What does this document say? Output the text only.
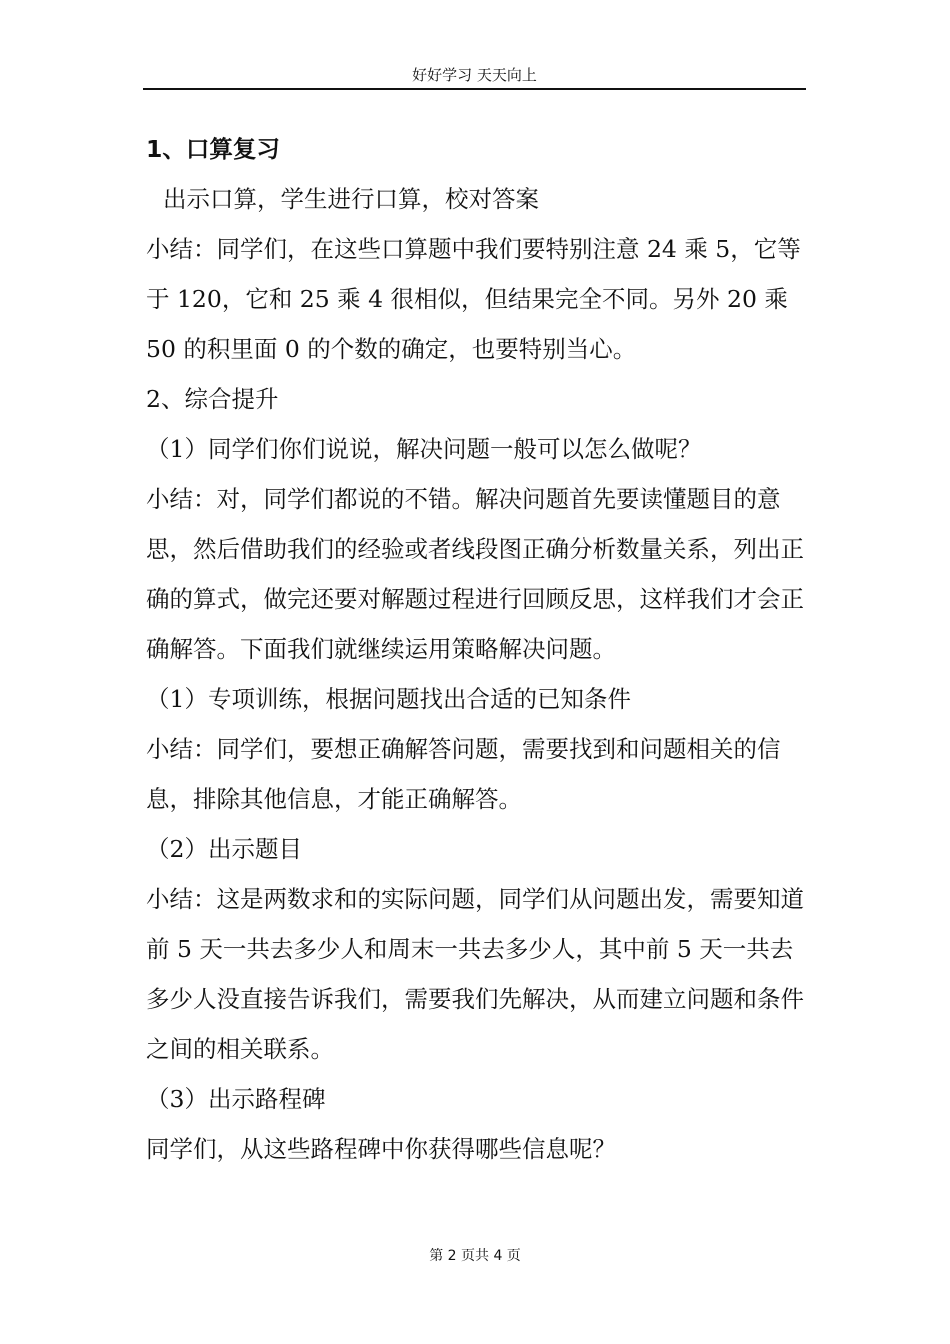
好好学习 天天向上

1、口算复习

出示口算，学生进行口算，校对答案

小结：同学们，在这些口算题中我们要特别注意 24 乘 5，它等于 120，它和 25 乘 4 很相似，但结果完全不同。另外 20 乘 50 的积里面 0 的个数的确定，也要特别当心。

2、综合提升

（1）同学们你们说说，解决问题一般可以怎么做呢？

小结：对，同学们都说的不错。解决问题首先要读懂题目的意思，然后借助我们的经验或者线段图正确分析数量关系，列出正确的算式，做完还要对解题过程进行回顾反思，这样我们才会正确解答。下面我们就继续运用策略解决问题。

（1）专项训练，根据问题找出合适的已知条件

小结：同学们，要想正确解答问题，需要找到和问题相关的信息，排除其他信息，才能正确解答。

（2）出示题目

小结：这是两数求和的实际问题，同学们从问题出发，需要知道前 5 天一共去多少人和周末一共去多少人，其中前 5 天一共去多少人没直接告诉我们，需要我们先解决，从而建立问题和条件之间的相关联系。

（3）出示路程碑

同学们，从这些路程碑中你获得哪些信息呢？

第 2 页共 4 页
